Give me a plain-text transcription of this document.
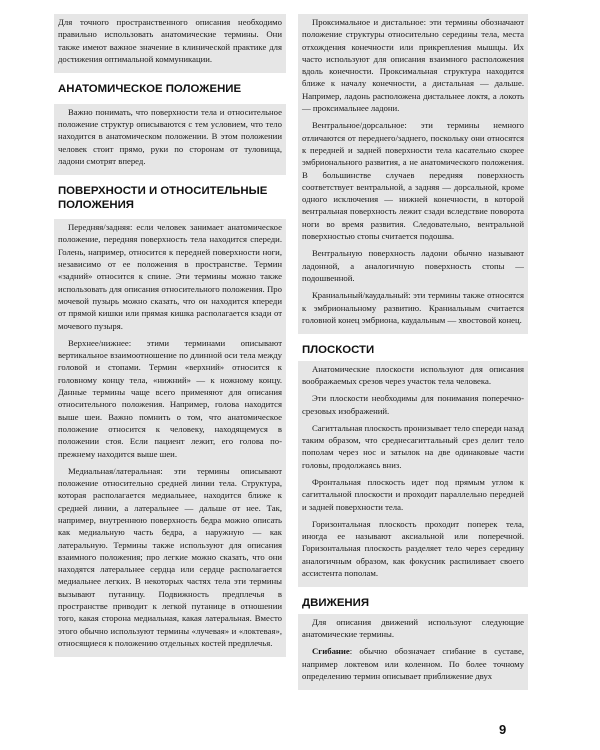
Для точного пространственного описания необходимо правильно использовать анатомические термины. Они также имеют важное значение в клинической практике для достижения оптимальной коммуникации.

АНАТОМИЧЕСКОЕ ПОЛОЖЕНИЕ

Важно понимать, что поверхности тела и относительное положение структур описываются с тем условием, что тело находится в анатомическом положении. В этом положении человек стоит прямо, руки по сторонам от туловища, ладони смотрят вперед.

ПОВЕРХНОСТИ И ОТНОСИТЕЛЬНЫЕ ПОЛОЖЕНИЯ

Передняя/задняя: если человек занимает анатомическое положение, передняя поверхность тела находится спереди. Голень, например, относится к передней поверхности ноги, независимо от ее положения в пространстве. Термин «задний» относится к спине. Эти термины можно также использовать для описания относительного положения. Про мочевой пузырь можно сказать, что он находится кпереди от прямой кишки или прямая кишка располагается кзади от мочевого пузыря.

Верхнее/нижнее: этими терминами описывают вертикальное взаимоотношение по длинной оси тела между головой и стопами. Термин «верхний» относится к головному концу тела, «нижний» — к ножному концу. Данные термины чаще всего применяют для описания относительного положения. Например, голова находится выше шеи. Важно помнить о том, что анатомическое положение относится к человеку, находящемуся в положении стоя. Если пациент лежит, его голова по-прежнему находится выше шеи.

Медиальная/латеральная: эти термины описывают положение относительно средней линии тела. Структура, которая располагается медиальнее, находится ближе к средней линии, а латеральнее — дальше от нее. Так, например, внутреннюю поверхность бедра можно описать как медиальную часть бедра, а наружную — как латеральную. Термины также используют для описания взаимного положения; про легкие можно сказать, что они находятся латеральнее сердца или сердце располагается медиальнее легких. В некоторых частях тела эти термины вызывают путаницу. Подвижность предплечья в пространстве приводит к легкой путанице в отношении того, какая сторона медиальная, какая латеральная. Вместо этого обычно используют термины «лучевая» и «локтевая», относящиеся к положению отдельных костей предплечья.

Проксимальное и дистальное: эти термины обозначают положение структуры относительно середины тела, места отхождения конечности или прикрепления мышцы. Их часто используют для описания взаимного расположения вдоль конечности. Проксимальная структура находится ближе к началу конечности, а дистальная — дальше. Например, ладонь расположена дистальнее локтя, а локоть — проксимальнее ладони.

Вентральное/дорсальное: эти термины немного отличаются от переднего/заднего, поскольку они относятся к передней и задней поверхности тела касательно скорее эмбрионального развития, а не анатомического положения. В большинстве случаев передняя поверхность соответствует вентральной, а задняя — дорсальной, кроме одного исключения — нижней конечности, в которой вентральная поверхность лежит сзади вследствие поворота ноги во время развития. Следовательно, вентральной поверхностью стопы считается подошва.

Вентральную поверхность ладони обычно называют ладонной, а аналогичную поверхность стопы — подошвенной.

Краниальный/каудальный: эти термины также относятся к эмбриональному развитию. Краниальным считается головной конец эмбриона, каудальным — хвостовой конец.

ПЛОСКОСТИ

Анатомические плоскости используют для описания воображаемых срезов через участок тела человека.

Эти плоскости необходимы для понимания поперечно-срезовых изображений.

Сагиттальная плоскость пронизывает тело спереди назад таким образом, что среднесагиттальный срез делит тело пополам через нос и затылок на две одинаковые части головы, продолжаясь вниз.

Фронтальная плоскость идет под прямым углом к сагиттальной плоскости и проходит параллельно передней и задней поверхности тела.

Горизонтальная плоскость проходит поперек тела, иногда ее называют аксиальной или поперечной. Горизонтальная плоскость разделяет тело через середину аналогичным образом, как фокусник распиливает своего ассистента пополам.

ДВИЖЕНИЯ

Для описания движений используют следующие анатомические термины.

Сгибание: обычно обозначает сгибание в суставе, например локтевом или коленном. По более точному определению термин описывает приближение двух

9
